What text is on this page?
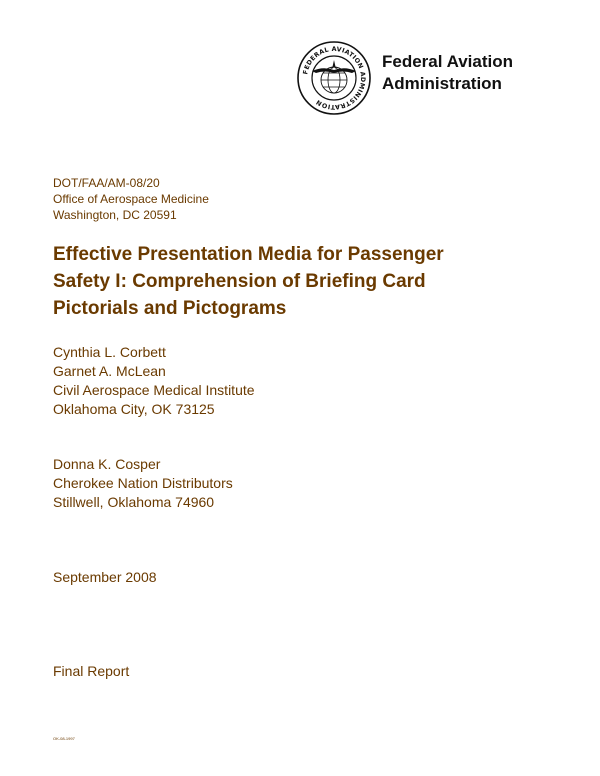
FEDERAL AVIATION ADMINISTRATION
Federal Aviation
Administration
DOT/FAA/AM-08/20
Office of Aerospace Medicine
Washington, DC 20591
Effective Presentation Media for Passenger
Safety I: Comprehension of Briefing Card
Pictorials and Pictograms
Cynthia L. Corbett
Garnet A. McLean
Civil Aerospace Medical Institute
Oklahoma City, OK 73125
Donna K. Cosper
Cherokee Nation Distributors
Stillwell, Oklahoma 74960
September 2008
Final Report
OK-08-1997
